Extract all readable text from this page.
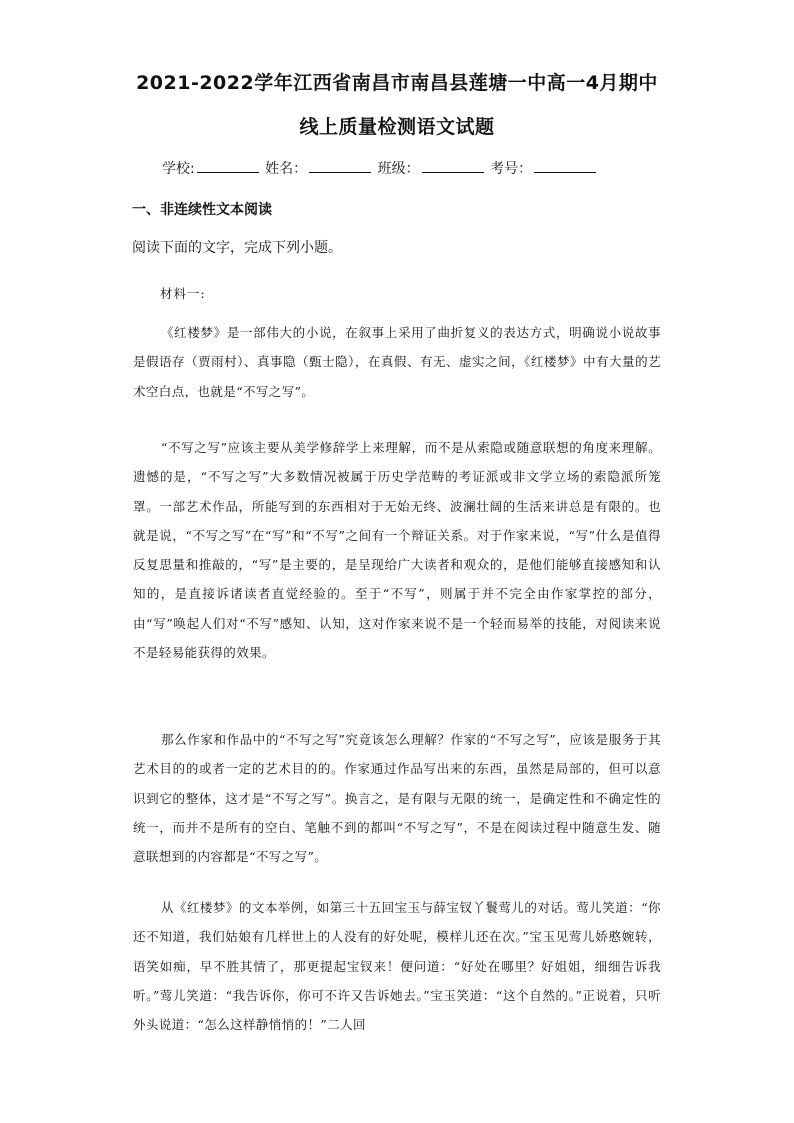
2021-2022学年江西省南昌市南昌县莲塘一中高一4月期中
线上质量检测语文试题
学校:	姓名：	班级：	考号：
一、非连续性文本阅读
阅读下面的文字，完成下列小题。
材料一:

《红楼梦》是一部伟大的小说，在叙事上采用了曲折复义的表达方式，明确说小说故事是假语存（贾雨村）、真事隐（甄士隐），在真假、有无、虚实之间，《红楼梦》中有大量的艺术空白点，也就是“不写之写”。

“不写之写”应该主要从美学修辞学上来理解，而不是从索隐或随意联想的角度来理解。遗憾的是，“不写之写”大多数情况被属于历史学范畴的考证派或非文学立场的索隐派所笼罩。一部艺术作品，所能写到的东西相对于无始无终、波澜壮阔的生活来讲总是有限的。也就是说，“不写之写”在“写”和“不写”之间有一个辩证关系。对于作家来说，“写”什么是值得反复思量和推敲的，“写”是主要的，是呈现给广大读者和观众的，是他们能够直接感知和认知的，是直接诉诸读者直觉经验的。至于“不写”，则属于并不完全由作家掌控的部分，由“写”唤起人们对“不写”感知、认知，这对作家来说不是一个轻而易举的技能，对阅读来说不是轻易能获得的效果。

那么作家和作品中的“不写之写”究竟该怎么理解？作家的“不写之写”，应该是服务于其艺术目的的或者一定的艺术目的的。作家通过作品写出来的东西，虽然是局部的，但可以意识到它的整体，这才是“不写之写”。换言之，是有限与无限的统一，是确定性和不确定性的统一，而并不是所有的空白、笔触不到的都叫“不写之写”，不是在阅读过程中随意生发、随意联想到的内容都是“不写之写”。

从《红楼梦》的文本举例，如第三十五回宝玉与薛宝钗丫鬟莺儿的对话。莺儿笑道：“你还不知道，我们姑娘有几样世上的人没有的好处呢，模样儿还在次。”宝玉见莺儿娇憨婉转，语笑如痴，早不胜其情了，那更提起宝钗来！便问道：“好处在哪里？好姐姐，细细告诉我听。”莺儿笑道：“我告诉你，你可不许又告诉她去。”宝玉笑道：“这个自然的。”正说着，只听外头说道：“怎么这样静悄悄的！”二人回
